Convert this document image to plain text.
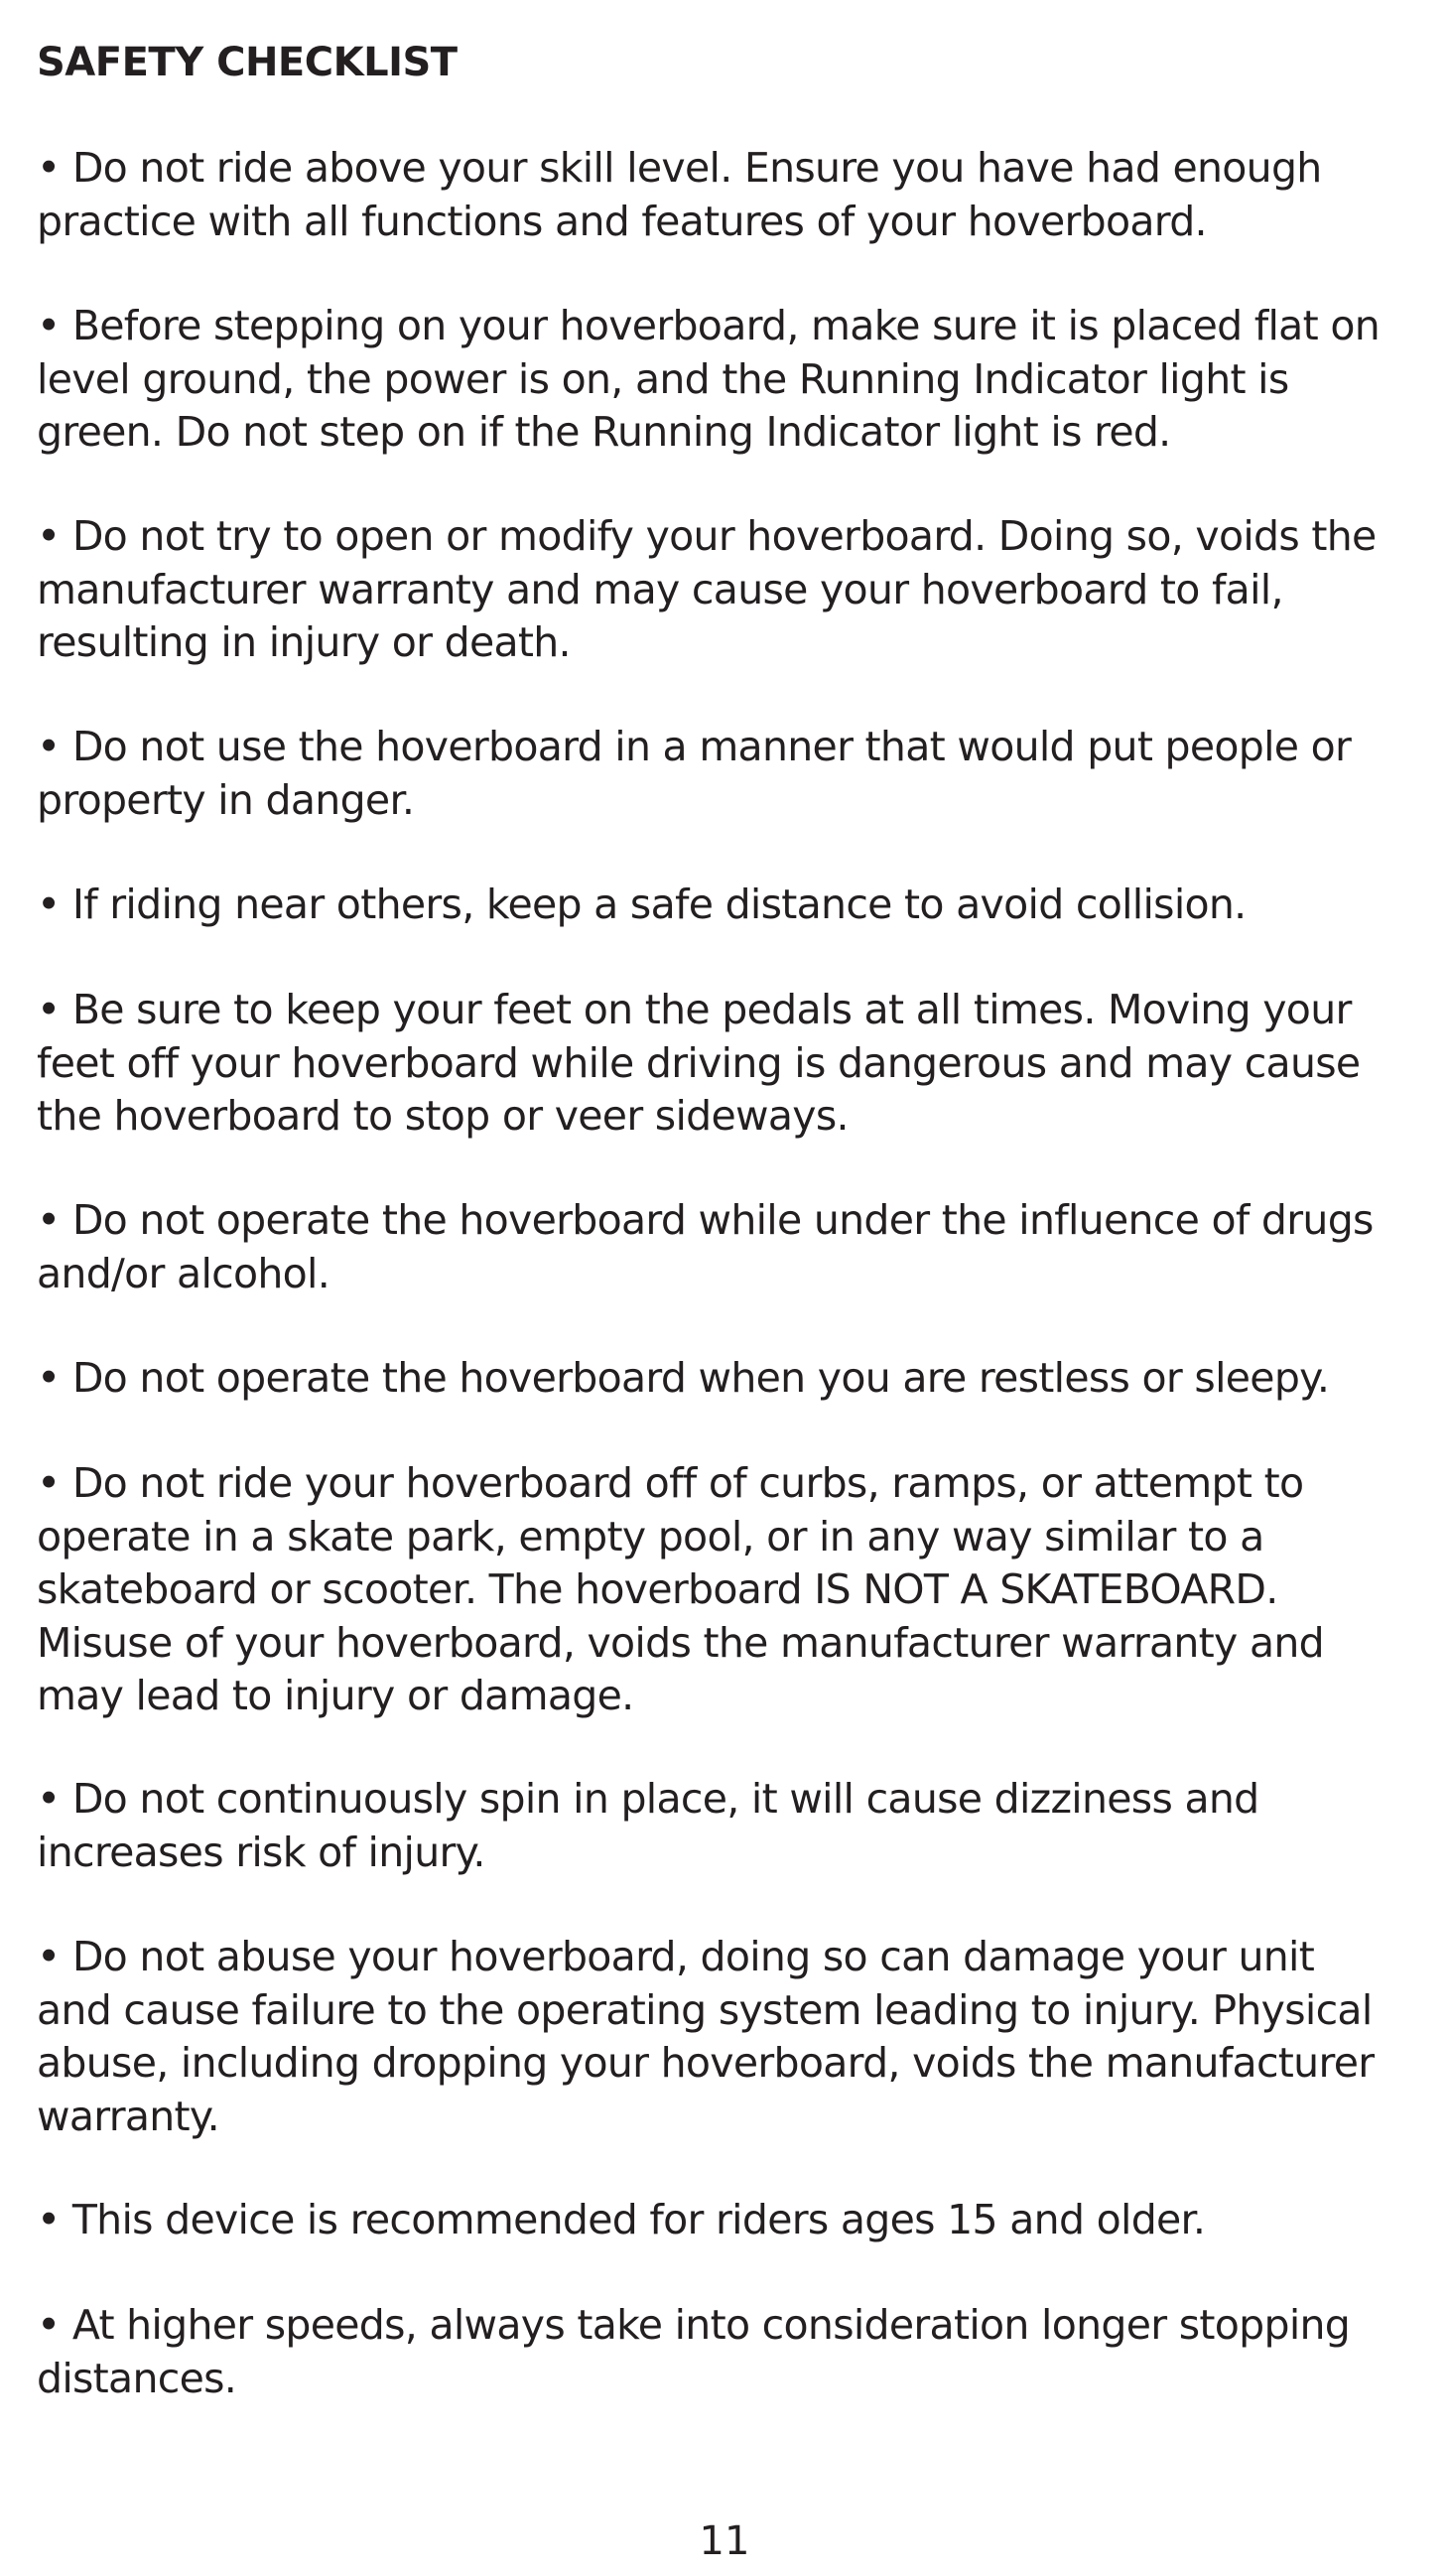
SAFETY CHECKLIST
• Do not ride above your skill level. Ensure you have had enough
practice with all functions and features of your hoverboard.
• Before stepping on your hoverboard, make sure it is placed flat on
level ground, the power is on, and the Running Indicator light is
green. Do not step on if the Running Indicator light is red.
• Do not try to open or modify your hoverboard. Doing so, voids the
manufacturer warranty and may cause your hoverboard to fail,
resulting in injury or death.
• Do not use the hoverboard in a manner that would put people or
property in danger.
• If riding near others, keep a safe distance to avoid collision.
• Be sure to keep your feet on the pedals at all times. Moving your
feet off your hoverboard while driving is dangerous and may cause
the hoverboard to stop or veer sideways.
• Do not operate the hoverboard while under the influence of drugs
and/or alcohol.
• Do not operate the hoverboard when you are restless or sleepy.
• Do not ride your hoverboard off of curbs, ramps, or attempt to
operate in a skate park, empty pool, or in any way similar to a
skateboard or scooter. The hoverboard IS NOT A SKATEBOARD.
Misuse of your hoverboard, voids the manufacturer warranty and
may lead to injury or damage.
• Do not continuously spin in place, it will cause dizziness and
increases risk of injury.
• Do not abuse your hoverboard, doing so can damage your unit
and cause failure to the operating system leading to injury. Physical
abuse, including dropping your hoverboard, voids the manufacturer
warranty.
• This device is recommended for riders ages 15 and older.
• At higher speeds, always take into consideration longer stopping
distances.
11
